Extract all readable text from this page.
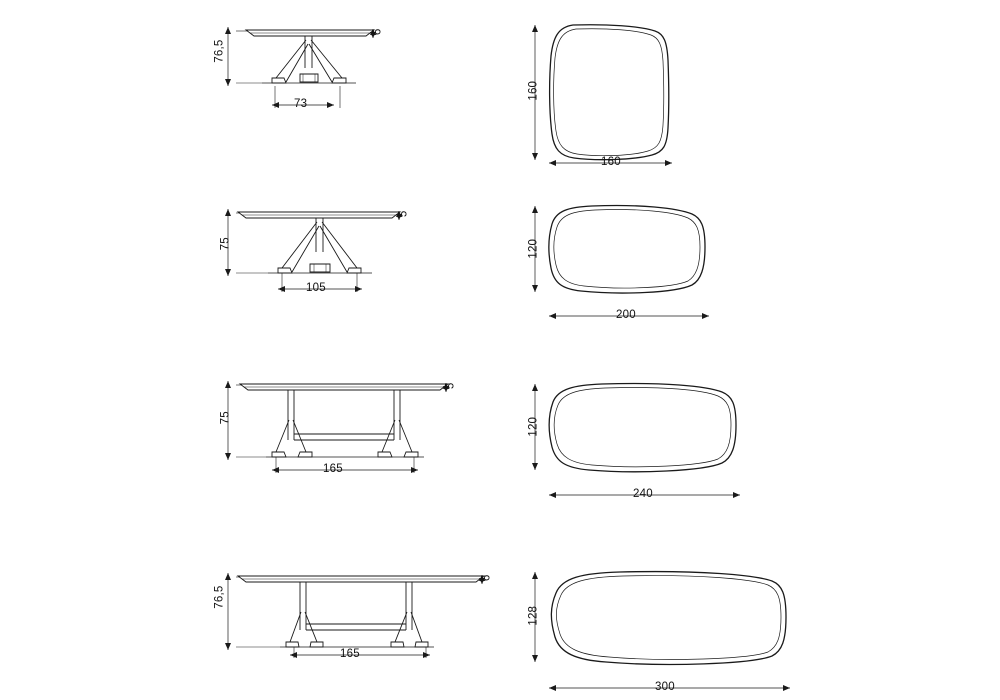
76,5
6
73
160
160
75
5
105
120
200
75
5
165
120
240
76,5
6
165
128
300
